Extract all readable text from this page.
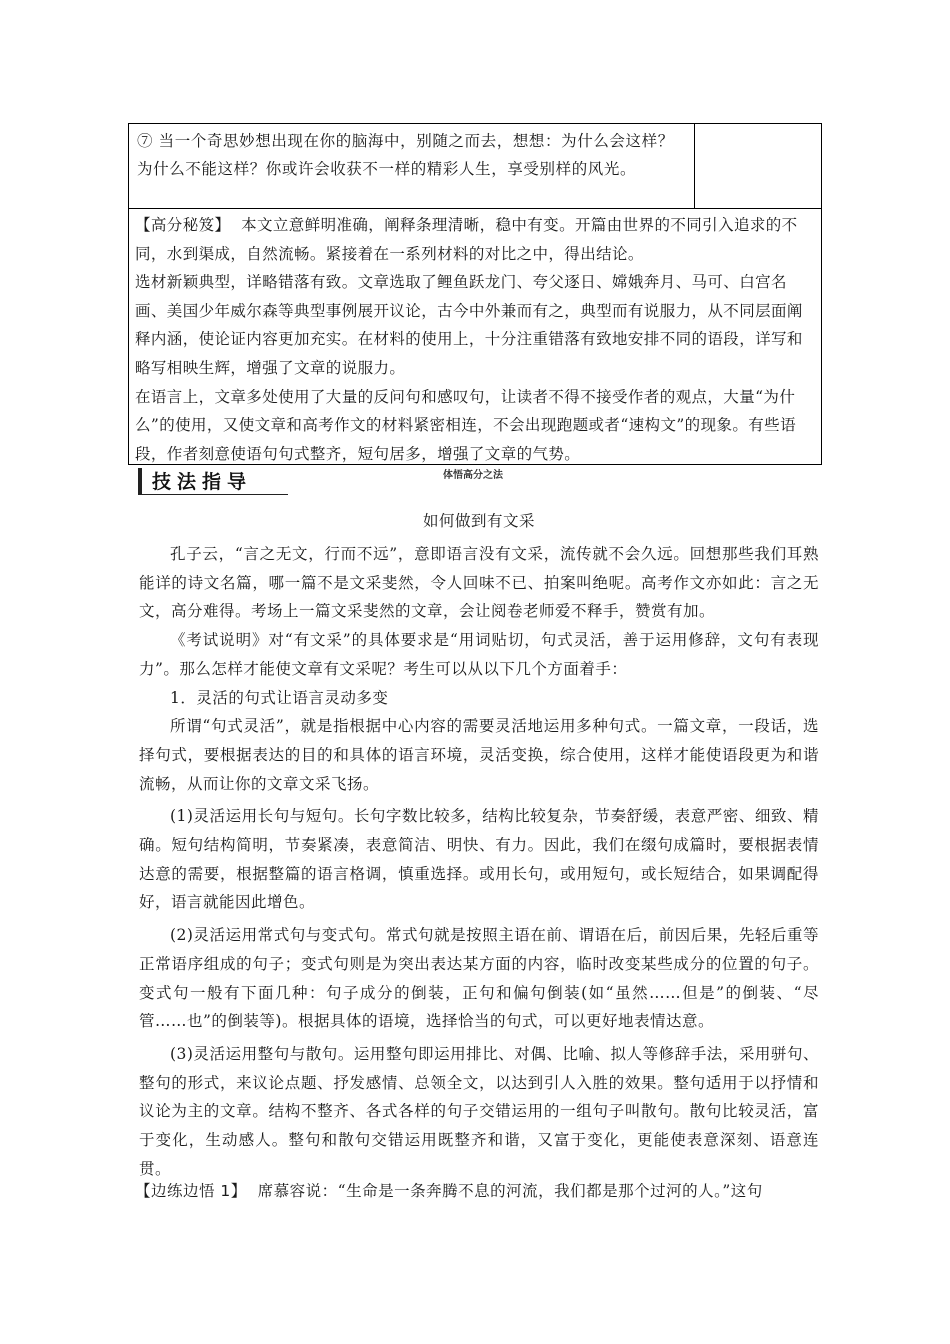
⑦ 当一个奇思妙想出现在你的脑海中，别随之而去，想想：为什么会这样？为什么不能这样？你或许会收获不一样的精彩人生，享受别样的风光。

【高分秘笈】 本文立意鲜明准确，阐释条理清晰，稳中有变。开篇由世界的不同引入追求的不同，水到渠成，自然流畅。紧接着在一系列材料的对比之中，得出结论。

选材新颖典型，详略错落有致。文章选取了鲤鱼跃龙门、夸父逐日、嫦娥奔月、马可、白宫名画、美国少年威尔森等典型事例展开议论，古今中外兼而有之，典型而有说服力，从不同层面阐释内涵，使论证内容更加充实。在材料的使用上，十分注重错落有致地安排不同的语段，详写和略写相映生辉，增强了文章的说服力。

在语言上，文章多处使用了大量的反问句和感叹句，让读者不得不接受作者的观点，大量“为什么”的使用，又使文章和高考作文的材料紧密相连，不会出现跑题或者“速构文”的现象。有些语段，作者刻意使语句句式整齐，短句居多，增强了文章的气势。

技法指导	体悟高分之法

如何做到有文采

孔子云，“言之无文，行而不远”，意即语言没有文采，流传就不会久远。回想那些我们耳熟能详的诗文名篇，哪一篇不是文采斐然，令人回味不已、拍案叫绝呢。高考作文亦如此：言之无文，高分难得。考场上一篇文采斐然的文章，会让阅卷老师爱不释手，赞赏有加。

《考试说明》对“有文采”的具体要求是“用词贴切，句式灵活，善于运用修辞，文句有表现力”。那么怎样才能使文章有文采呢？考生可以从以下几个方面着手：

1．灵活的句式让语言灵动多变

所谓“句式灵活”，就是指根据中心内容的需要灵活地运用多种句式。一篇文章，一段话，选择句式，要根据表达的目的和具体的语言环境，灵活变换，综合使用，这样才能使语段更为和谐流畅，从而让你的文章文采飞扬。

(1)灵活运用长句与短句。长句字数比较多，结构比较复杂，节奏舒缓，表意严密、细致、精确。短句结构简明，节奏紧凑，表意简洁、明快、有力。因此，我们在缀句成篇时，要根据表情达意的需要，根据整篇的语言格调，慎重选择。或用长句，或用短句，或长短结合，如果调配得好，语言就能因此增色。

(2)灵活运用常式句与变式句。常式句就是按照主语在前、谓语在后，前因后果，先轻后重等正常语序组成的句子；变式句则是为突出表达某方面的内容，临时改变某些成分的位置的句子。变式句一般有下面几种：句子成分的倒装，正句和偏句倒装(如“虽然……但是”的倒装、“尽管……也”的倒装等)。根据具体的语境，选择恰当的句式，可以更好地表情达意。

(3)灵活运用整句与散句。运用整句即运用排比、对偶、比喻、拟人等修辞手法，采用骈句、整句的形式，来议论点题、抒发感情、总领全文，以达到引人入胜的效果。整句适用于以抒情和议论为主的文章。结构不整齐、各式各样的句子交错运用的一组句子叫散句。散句比较灵活，富于变化，生动感人。整句和散句交错运用既整齐和谐，又富于变化，更能使表意深刻、语意连贯。

【边练边悟 1】 席慕容说：“生命是一条奔腾不息的河流，我们都是那个过河的人。”这句
